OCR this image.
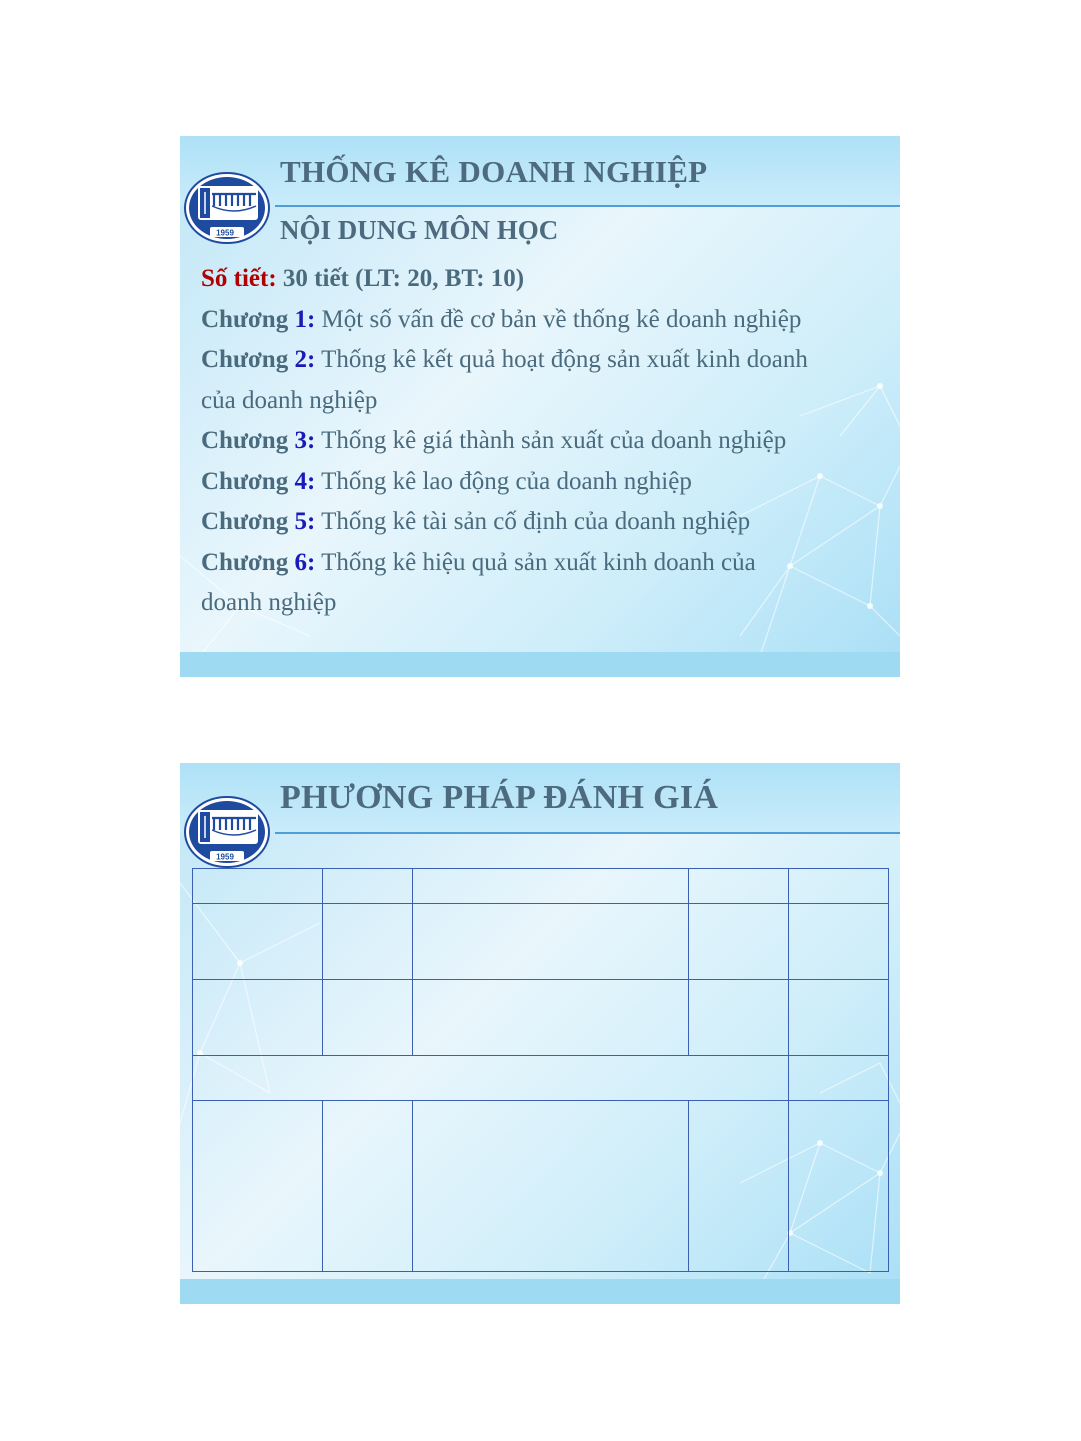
1959
THỐNG KÊ DOANH NGHIỆP
NỘI DUNG MÔN HỌC
Số tiết: 30 tiết (LT: 20, BT: 10)
Chương 1: Một số vấn đề cơ bản về thống kê doanh nghiệp
Chương 2: Thống kê kết quả hoạt động sản xuất kinh doanh
của doanh nghiệp
Chương 3: Thống kê giá thành sản xuất của doanh nghiệp
Chương 4: Thống kê lao động của doanh nghiệp
Chương 5: Thống kê tài sản cố định của doanh nghiệp
Chương 6: Thống kê hiệu quả sản xuất kinh doanh của
doanh nghiệp
1959
PHƯƠNG PHÁP ĐÁNH GIÁ
